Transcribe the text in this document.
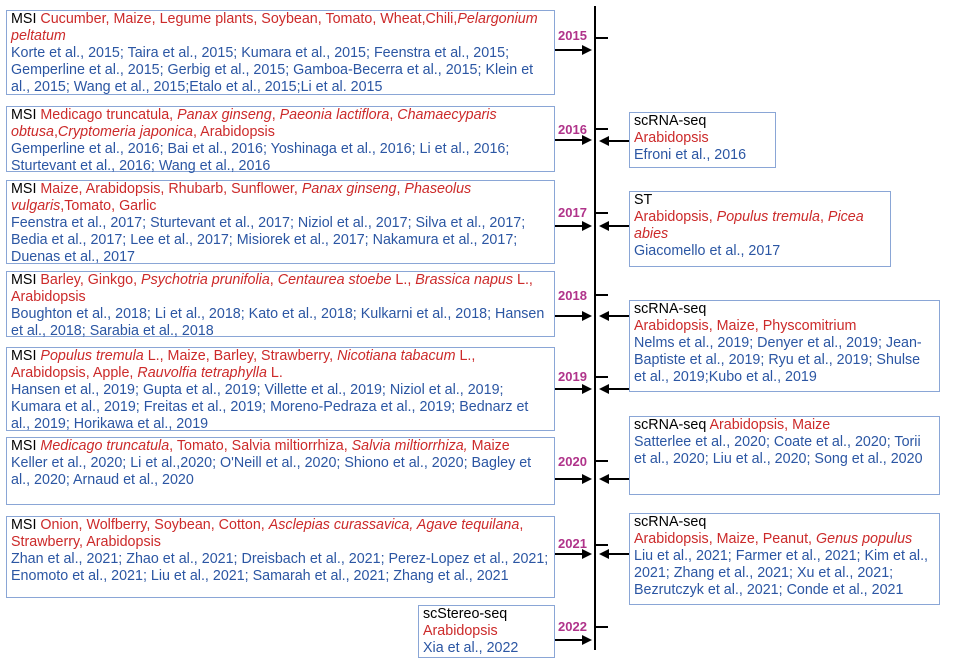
MSI Cucumber, Maize, Legume plants, Soybean, Tomato, Wheat,Chili,Pelargonium peltatum
Korte et al., 2015; Taira et al., 2015; Kumara et al., 2015; Feenstra et al., 2015; Gemperline et al., 2015; Gerbig et al., 2015; Gamboa-Becerra et al., 2015; Klein et al., 2015; Wang et al., 2015;Etalo et al., 2015;Li et al. 2015
MSI Medicago truncatula, Panax ginseng, Paeonia lactiflora, Chamaecyparis obtusa,Cryptomeria japonica, Arabidopsis
Gemperline et al., 2016; Bai et al., 2016; Yoshinaga et al., 2016; Li et al., 2016; Sturtevant et al., 2016; Wang et al., 2016
MSI Maize, Arabidopsis, Rhubarb, Sunflower, Panax ginseng, Phaseolus vulgaris,Tomato, Garlic
Feenstra et al., 2017; Sturtevant et al., 2017; Niziol et al., 2017; Silva et al., 2017; Bedia et al., 2017; Lee et al., 2017; Misiorek et al., 2017; Nakamura et al., 2017; Duenas et al., 2017
MSI Barley, Ginkgo, Psychotria prunifolia, Centaurea stoebe L., Brassica napus L., Arabidopsis
Boughton et al., 2018; Li et al., 2018; Kato et al., 2018; Kulkarni et al., 2018; Hansen et al., 2018; Sarabia et al., 2018
MSI Populus tremula L., Maize, Barley, Strawberry, Nicotiana tabacum L., Arabidopsis, Apple, Rauvolfia tetraphylla L.
Hansen et al., 2019; Gupta et al., 2019; Villette et al., 2019; Niziol et al., 2019; Kumara et al., 2019; Freitas et al., 2019; Moreno-Pedraza et al., 2019; Bednarz et al., 2019; Horikawa et al., 2019
MSI Medicago truncatula, Tomato, Salvia miltiorrhiza, Salvia miltiorrhiza, Maize
Keller et al., 2020; Li et al.,2020; O'Neill et al., 2020; Shiono et al., 2020; Bagley et al., 2020; Arnaud et al., 2020
MSI Onion, Wolfberry, Soybean, Cotton, Asclepias curassavica, Agave tequilana, Strawberry, Arabidopsis
Zhan et al., 2021; Zhao et al., 2021; Dreisbach et al., 2021; Perez-Lopez et al., 2021; Enomoto et al., 2021; Liu et al., 2021; Samarah et al., 2021; Zhang et al., 2021
scStereo-seq
Arabidopsis
Xia et al., 2022
scRNA-seq
Arabidopsis
Efroni et al., 2016
ST
Arabidopsis, Populus tremula, Picea abies
Giacomello et al., 2017
scRNA-seq
Arabidopsis, Maize, Physcomitrium
Nelms et al., 2019; Denyer et al., 2019; Jean-Baptiste et al., 2019; Ryu et al., 2019; Shulse et al., 2019;Kubo et al., 2019
scRNA-seq Arabidopsis, Maize
Satterlee et al., 2020; Coate et al., 2020; Torii et al., 2020; Liu et al., 2020; Song et al., 2020
scRNA-seq
Arabidopsis, Maize, Peanut, Genus populus
Liu et al., 2021; Farmer et al., 2021; Kim et al., 2021; Zhang et al., 2021; Xu et al., 2021; Bezrutczyk et al., 2021; Conde et al., 2021
2015
2016
2017
2018
2019
2020
2021
2022
